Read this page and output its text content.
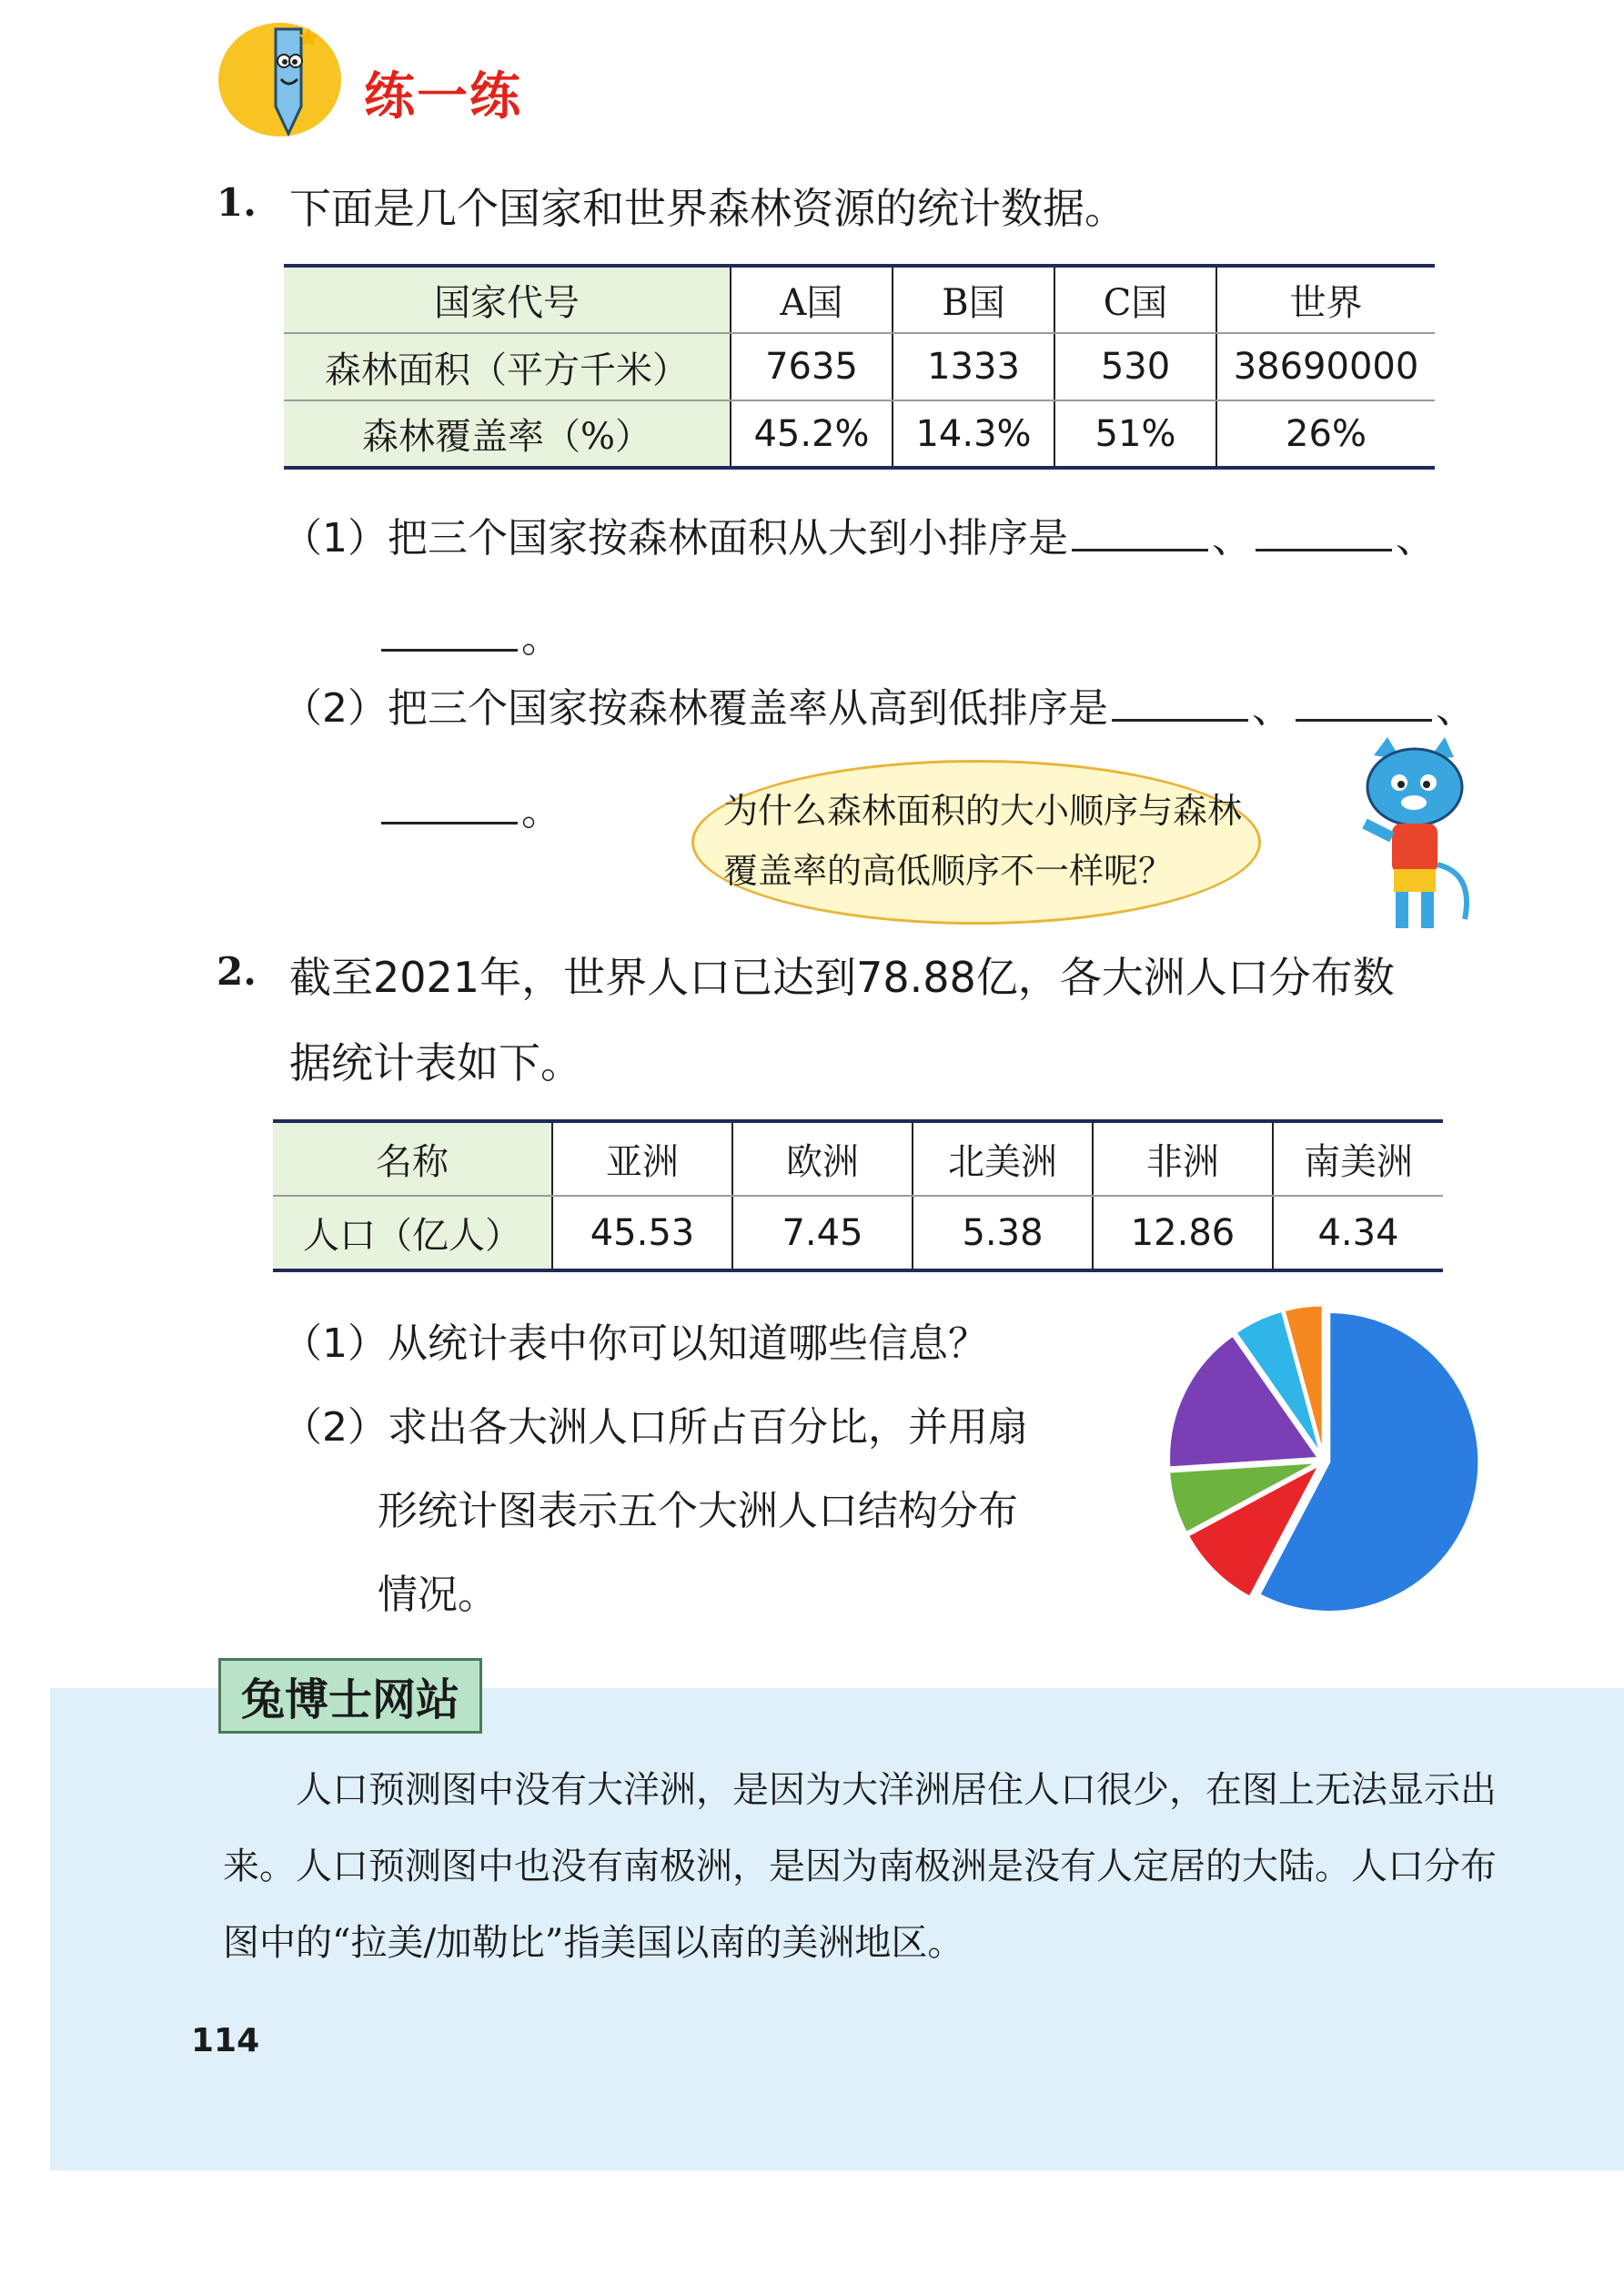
练一练
1. 下面是几个国家和世界森林资源的统计数据。
国家代号	A国	B国	C国	世界
森林面积（平方千米）	7635	1333	530	38690000
森林覆盖率（%）	45.2%	14.3%	51%	26%
（1）把三个国家按森林面积从大到小排序是	、	、
。
（2）把三个国家按森林覆盖率从高到低排序是	、	、
。	为什么森林面积的大小顺序与森林覆盖率的高低顺序不一样呢？
2. 截至2021年，世界人口已达到78.88亿，各大洲人口分布数
据统计表如下。
名称	亚洲	欧洲	北美洲	非洲	南美洲
人口（亿人）	45.53	7.45	5.38	12.86	4.34
（1）从统计表中你可以知道哪些信息？
（2）求出各大洲人口所占百分比，并用扇
形统计图表示五个大洲人口结构分布
情况。
兔博士网站
人口预测图中没有大洋洲，是因为大洋洲居住人口很少，在图上无法显示出来。人口预测图中也没有南极洲，是因为南极洲是没有人定居的大陆。人口分布图中的“拉美/加勒比”指美国以南的美洲地区。
114
